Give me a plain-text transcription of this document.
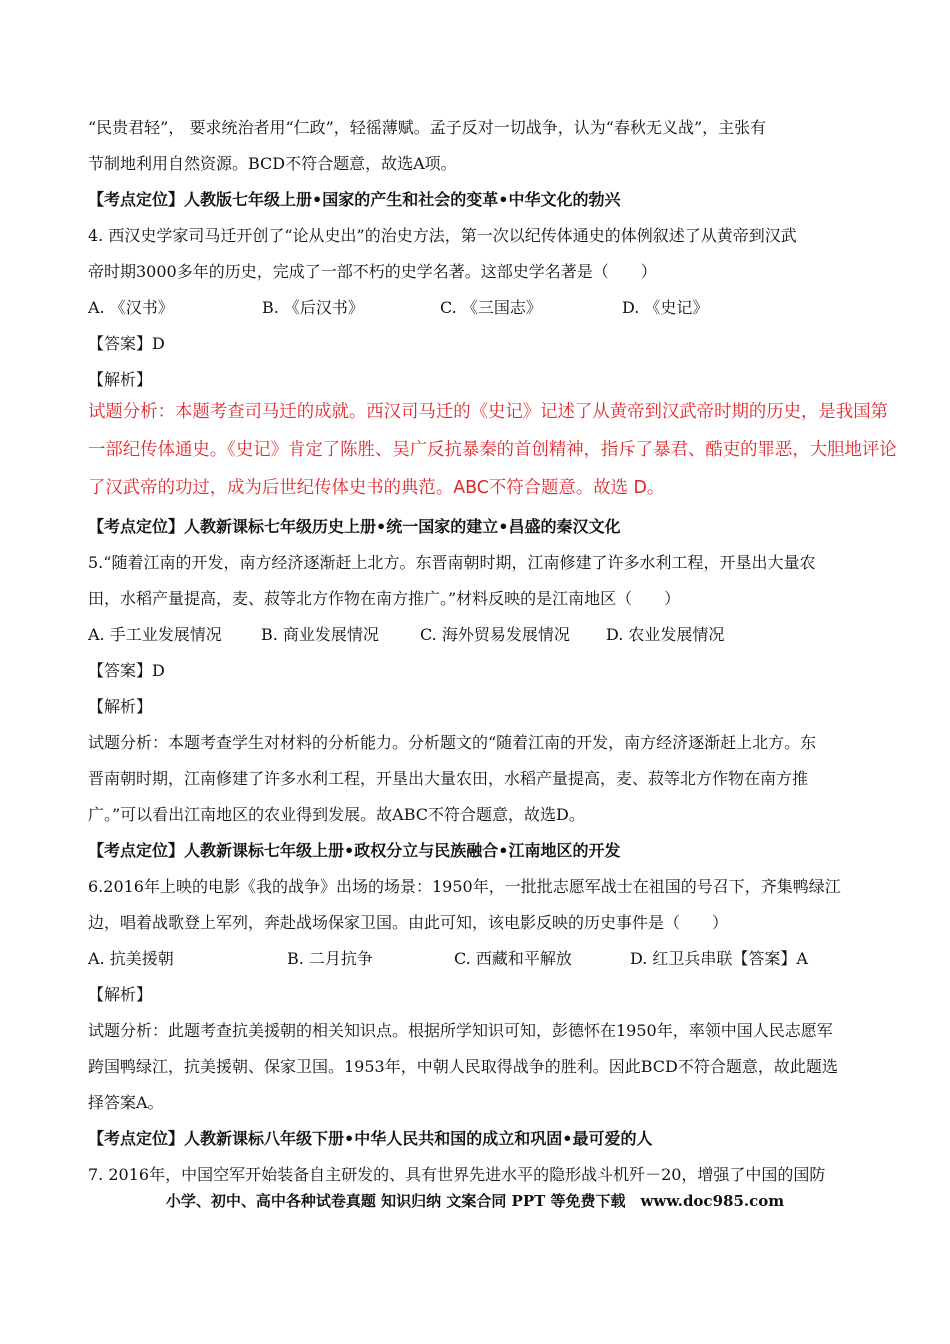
“民贵君轻”， 要求统治者用“仁政”，轻徭薄赋。孟子反对一切战争，认为“春秋无义战”，主张有
节制地利用自然资源。BCD不符合题意，故选A项。
【考点定位】人教版七年级上册•国家的产生和社会的变革•中华文化的勃兴
4. 西汉史学家司马迁开创了“论从史出”的治史方法，第一次以纪传体通史的体例叙述了从黄帝到汉武
帝时期3000多年的历史，完成了一部不朽的史学名著。这部史学名著是（　　）
A. 《汉书》	B. 《后汉书》	C. 《三国志》	D. 《史记》
【答案】D
【解析】
试题分析：本题考查司马迁的成就。西汉司马迁的《史记》记述了从黄帝到汉武帝时期的历史，是我国第
一部纪传体通史。《史记》肯定了陈胜、吴广反抗暴秦的首创精神，指斥了暴君、酷吏的罪恶，大胆地评论
了汉武帝的功过，成为后世纪传体史书的典范。ABC不符合题意。故选 D。
【考点定位】人教新课标七年级历史上册•统一国家的建立•昌盛的秦汉文化
5.“随着江南的开发，南方经济逐渐赶上北方。东晋南朝时期，江南修建了许多水利工程，开垦出大量农
田，水稻产量提高，麦、菽等北方作物在南方推广。”材料反映的是江南地区（　　）
A. 手工业发展情况 B. 商业发展情况	C. 海外贸易发展情况 D. 农业发展情况
【答案】D
【解析】
试题分析：本题考查学生对材料的分析能力。分析题文的“随着江南的开发，南方经济逐渐赶上北方。东
晋南朝时期，江南修建了许多水利工程，开垦出大量农田，水稻产量提高，麦、菽等北方作物在南方推
广。”可以看出江南地区的农业得到发展。故ABC不符合题意，故选D。
【考点定位】人教新课标七年级上册•政权分立与民族融合•江南地区的开发
6.2016年上映的电影《我的战争》出场的场景：1950年，一批批志愿军战士在祖国的号召下，齐集鸭绿江
边，唱着战歌登上军列，奔赴战场保家卫国。由此可知，该电影反映的历史事件是（　　）
A. 抗美援朝	B. 二月抗争	C. 西藏和平解放	D. 红卫兵串联【答案】A
【解析】
试题分析：此题考查抗美援朝的相关知识点。根据所学知识可知，彭德怀在1950年，率领中国人民志愿军
跨国鸭绿江，抗美援朝、保家卫国。1953年，中朝人民取得战争的胜利。因此BCD不符合题意，故此题选
择答案A。
【考点定位】人教新课标八年级下册•中华人民共和国的成立和巩固•最可爱的人
7. 2016年，中国空军开始装备自主研发的、具有世界先进水平的隐形战斗机歼－20，增强了中国的国防
小学、初中、高中各种试卷真题 知识归纳 文案合同 PPT 等免费下载　www.doc985.com
